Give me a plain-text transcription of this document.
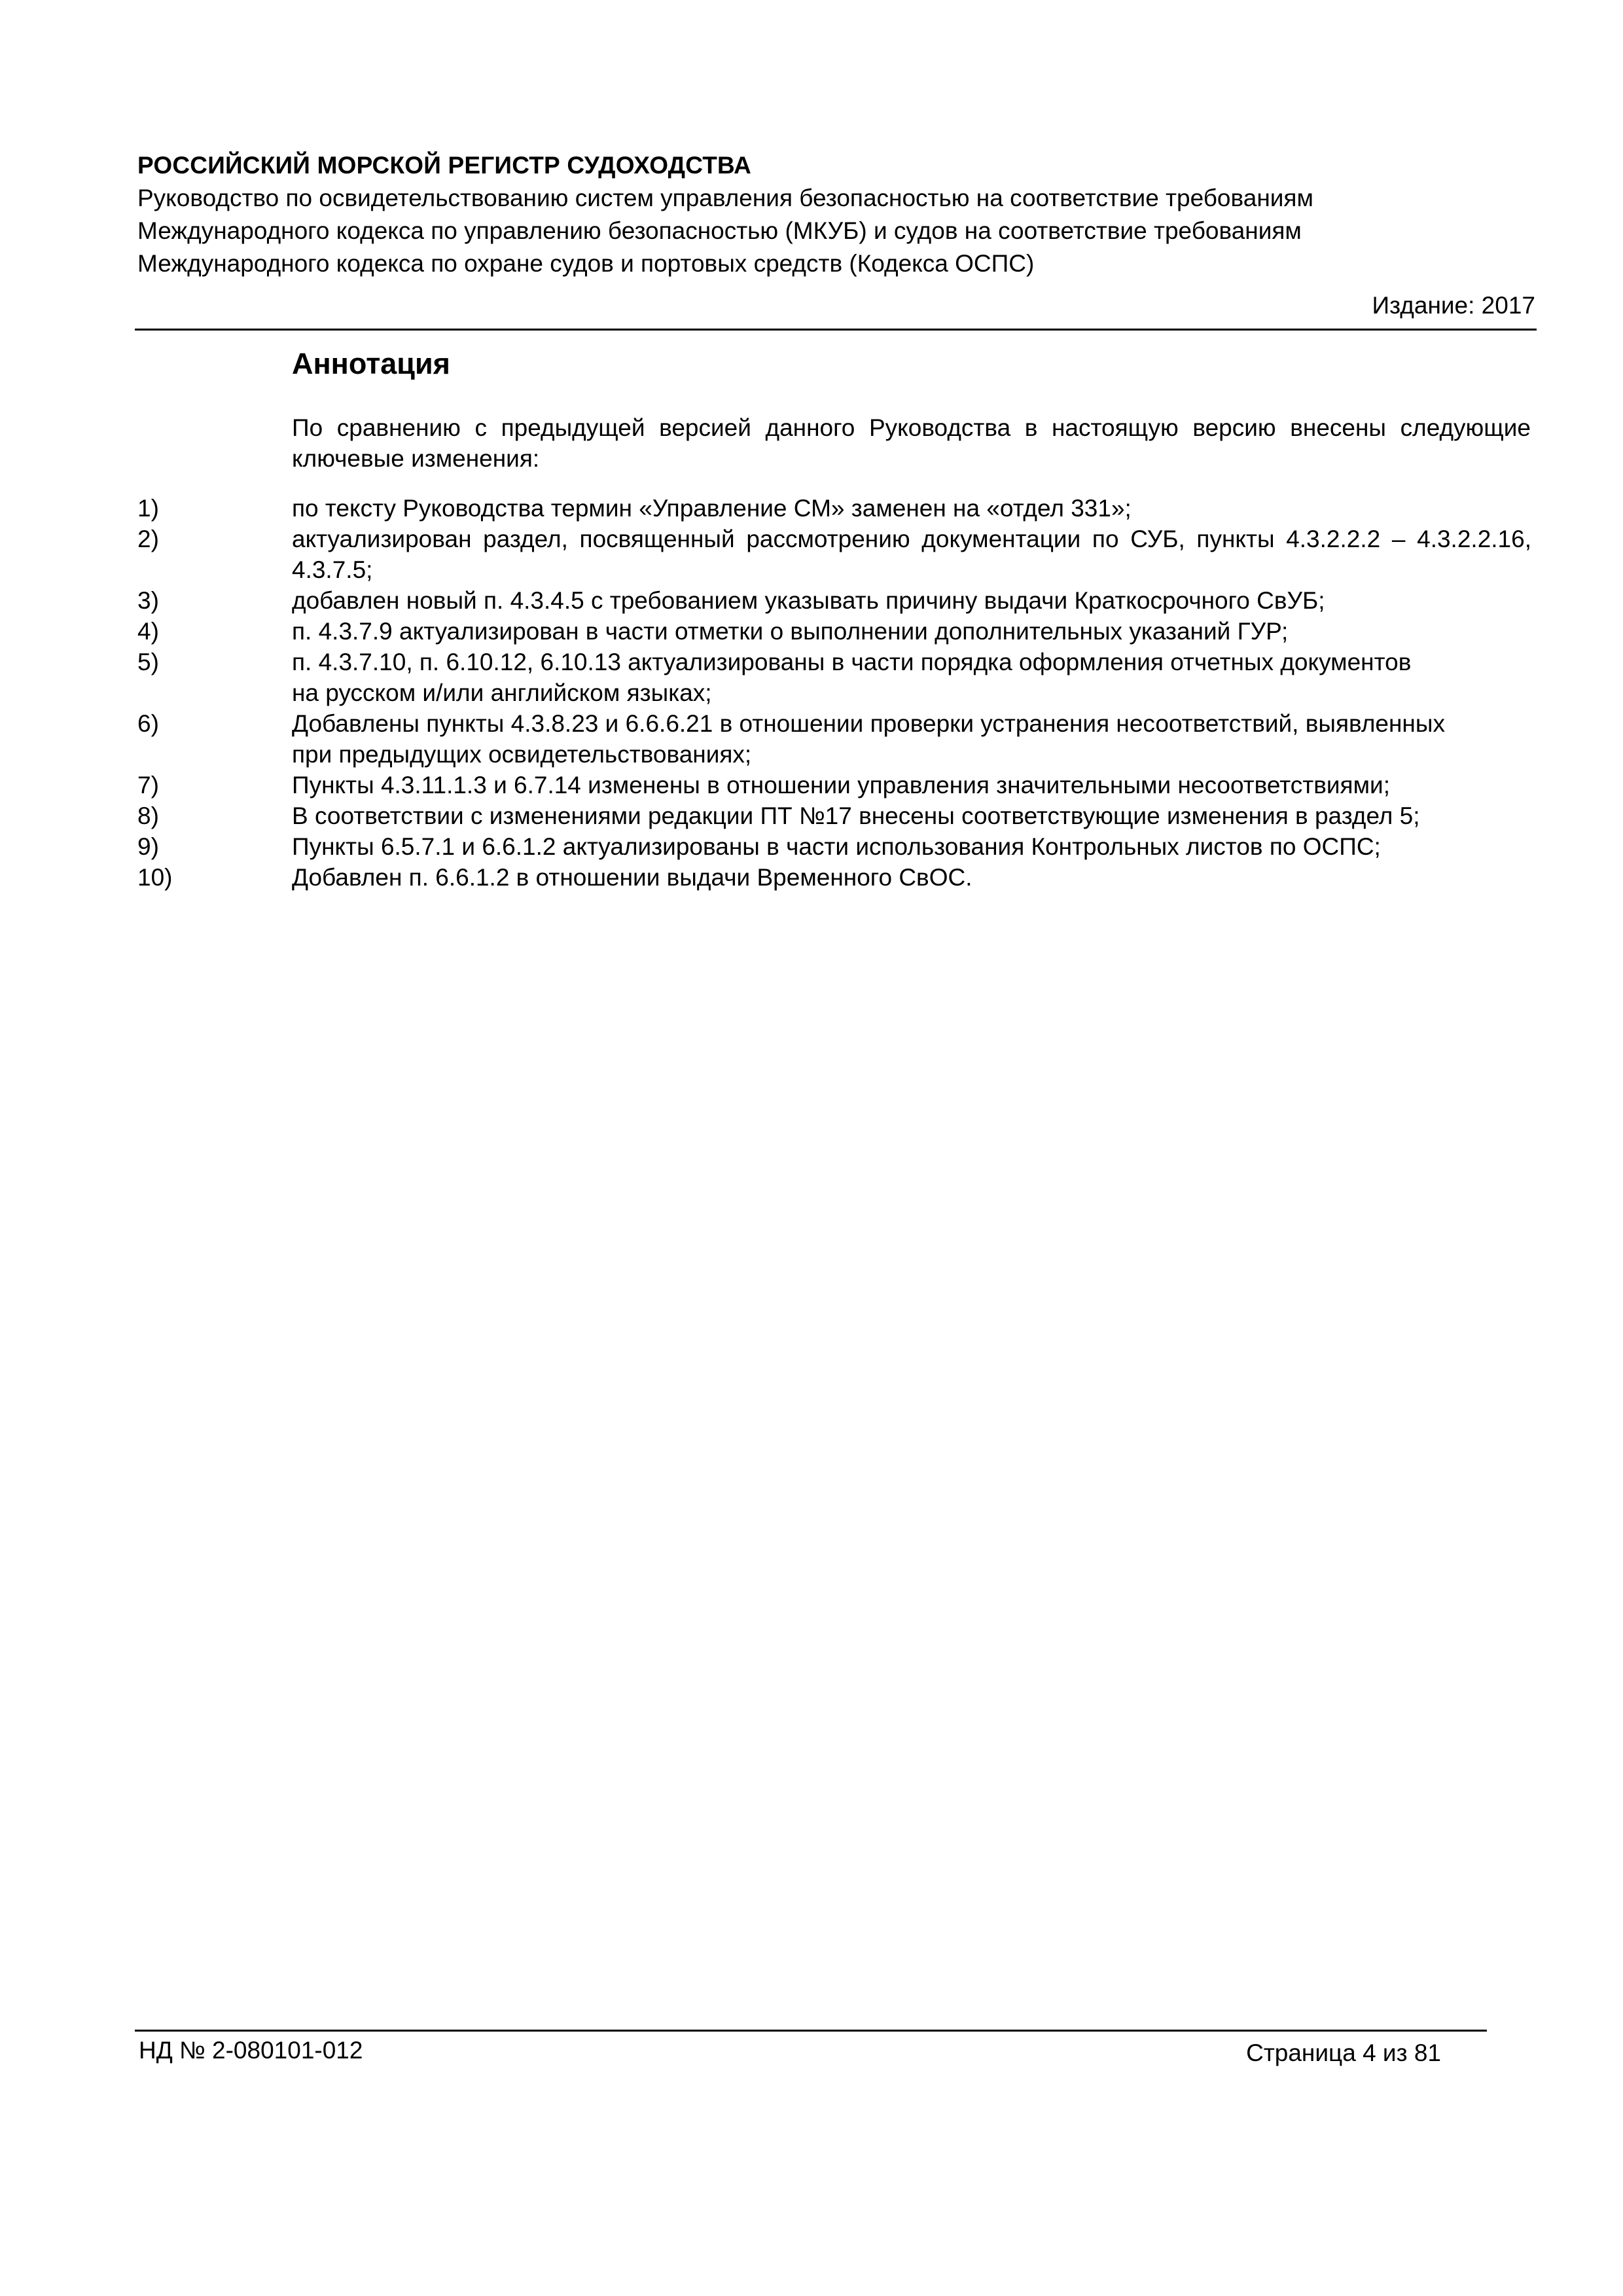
РОССИЙСКИЙ МОРСКОЙ РЕГИСТР СУДОХОДСТВА
Руководство по освидетельствованию систем управления безопасностью на соответствие требованиям
Международного кодекса по управлению безопасностью (МКУБ) и судов на соответствие требованиям
Международного кодекса по охране судов и портовых средств (Кодекса ОСПС)
Издание: 2017
Аннотация
По сравнению с предыдущей версией данного Руководства в настоящую версию внесены следующие ключевые изменения:
1)	по тексту Руководства термин «Управление СМ» заменен на «отдел 331»;
2)	актуализирован раздел, посвященный рассмотрению документации по СУБ, пункты 4.3.2.2.2 – 4.3.2.2.16, 4.3.7.5;
3)	добавлен новый п. 4.3.4.5 с требованием указывать причину выдачи Краткосрочного СвУБ;
4)	п. 4.3.7.9 актуализирован в части отметки о выполнении дополнительных указаний ГУР;
5)	п. 4.3.7.10, п. 6.10.12, 6.10.13 актуализированы в части порядка оформления отчетных документов на русском и/или английском языках;
6)	Добавлены пункты 4.3.8.23 и 6.6.6.21 в отношении проверки устранения несоответствий, выявленных при предыдущих освидетельствованиях;
7)	Пункты 4.3.11.1.3 и 6.7.14 изменены в отношении управления значительными несоответствиями;
8)	В соответствии с изменениями редакции ПТ №17 внесены соответствующие изменения в раздел 5;
9)	Пункты 6.5.7.1 и 6.6.1.2 актуализированы в части использования Контрольных листов по ОСПС;
10)	Добавлен п. 6.6.1.2 в отношении выдачи Временного СвОС.
НД № 2-080101-012	Страница 4 из 81
